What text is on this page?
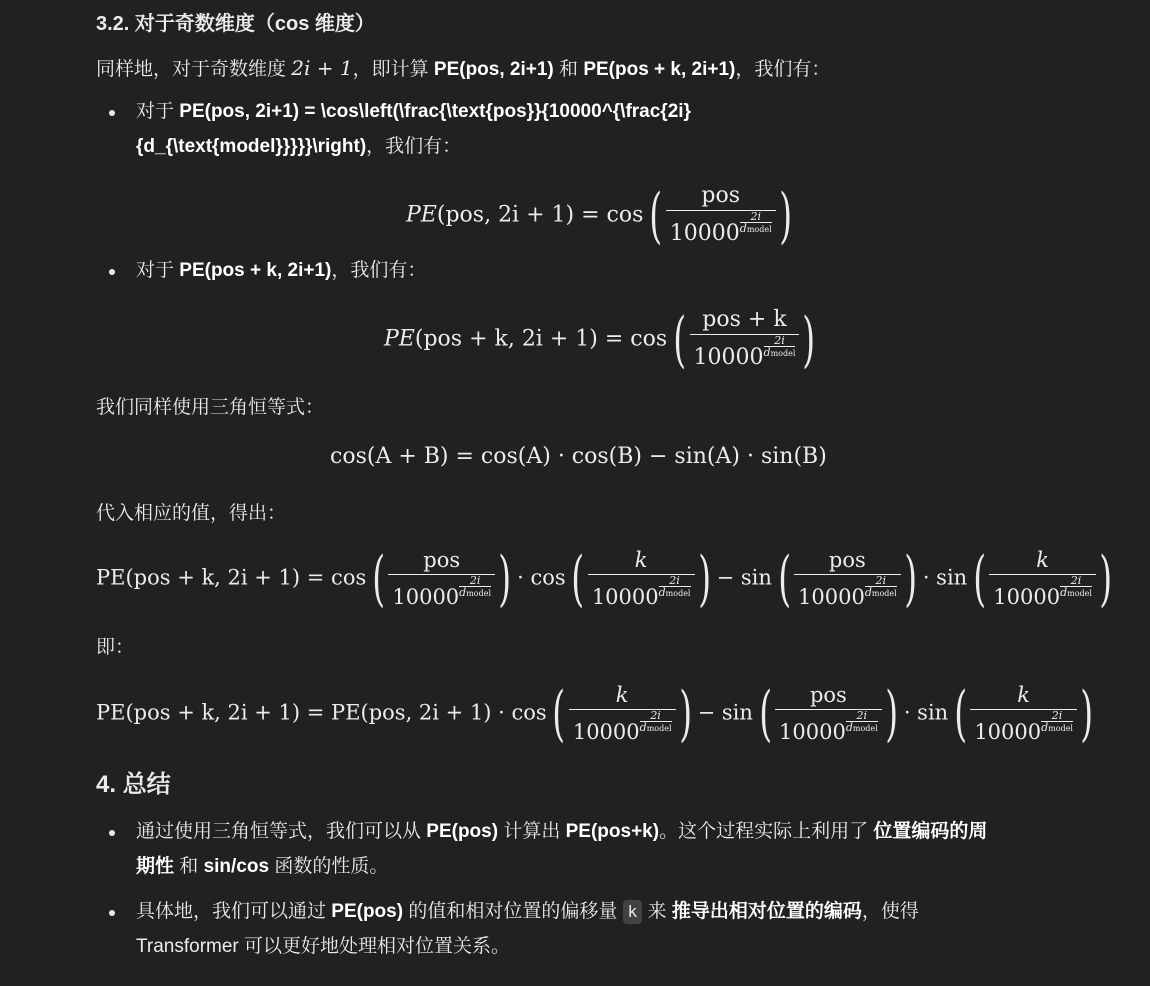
3.2. 对于奇数维度（cos 维度）
同样地，对于奇数维度 2i + 1，即计算 PE(pos, 2i+1) 和 PE(pos + k, 2i+1)，我们有：
对于 PE(pos, 2i+1) = \cos\left(\frac{\text{pos}}{10000^{\frac{2i}
{d_{\text{model}}}}}\right)，我们有：
PE(pos, 2i + 1) = cos ( pos
10000
2i
dmodel )
对于 PE(pos + k, 2i+1)，我们有：
PE(pos + k, 2i + 1) = cos ( pos + k
10000
2i
dmodel )
我们同样使用三角恒等式：
cos(A + B) = cos(A) · cos(B) − sin(A) · sin(B)
代入相应的值，得出：
PE(pos + k, 2i + 1) = cos ( pos
10000
2i
dmodel ) · cos ( k
10000
2i
dmodel ) − sin ( pos
10000
2i
dmodel ) · sin ( k
10000
2i
dmodel )
即：
PE(pos + k, 2i + 1) = PE(pos, 2i + 1) · cos ( k
10000
2i
dmodel ) − sin ( pos
10000
2i
dmodel ) · sin ( k
10000
2i
dmodel )
4. 总结
通过使用三角恒等式，我们可以从 PE(pos) 计算出 PE(pos+k)。这个过程实际上利用了 位置编码的周
期性 和 sin/cos 函数的性质。
具体地，我们可以通过 PE(pos) 的值和相对位置的偏移量 k 来 推导出相对位置的编码，使得
Transformer 可以更好地处理相对位置关系。
